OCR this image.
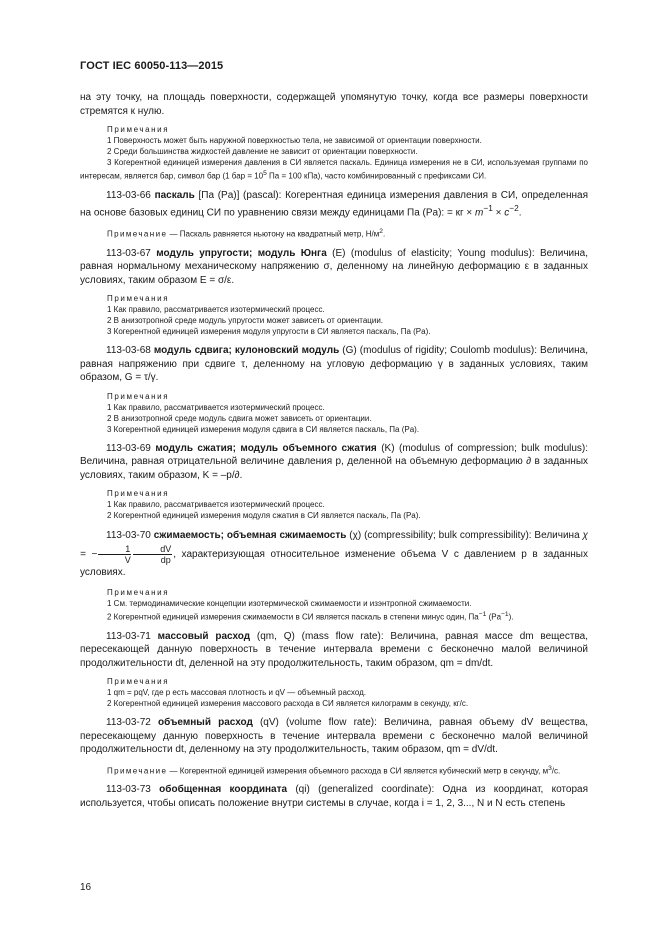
ГОСТ IEC 60050-113—2015

на эту точку, на площадь поверхности, содержащей упомянутую точку, когда все размеры поверхности стремятся к нулю.

Примечания

1 Поверхность может быть наружной поверхностью тела, не зависимой от ориентации поверхности.

2 Среди большинства жидкостей давление не зависит от ориентации поверхности.

3 Когерентной единицей измерения давления в СИ является паскаль. Единица измерения не в СИ, используемая группами по интересам, является бар, символ бар (1 бар = $10^5$ Па = 100 кПа), часто комбинированный с префиксами СИ.

113-03-66 паскаль [Па (Pa)] (pascal): Когерентная единица измерения давления в СИ, определенная на основе базовых единиц СИ по уравнению связи между единицами Па (Pa): = кг × $m^{-1} \times с^{-2}$.

Примечание — Паскаль равняется ньютону на квадратный метр, $Н/м^2$.

113-03-67 модуль упругости; модуль Юнга (E) (modulus of elasticity; Young modulus): Величина, равная нормальному механическому напряжению σ, деленному на линейную деформацию ε в заданных условиях, таким образом E = σ/ε.

Примечания

1 Как правило, рассматривается изотермический процесс.

2 В анизотропной среде модуль упругости может зависеть от ориентации.

3 Когерентной единицей измерения модуля упругости в СИ является паскаль, Па (Pa).

113-03-68 модуль сдвига; кулоновский модуль (G) (modulus of rigidity; Coulomb modulus): Величина, равная напряжению при сдвиге τ, деленному на угловую деформацию γ в заданных условиях, таким образом, G = τ/γ.

Примечания

1 Как правило, рассматривается изотермический процесс.

2 В анизотропной среде модуль сдвига может зависеть от ориентации.

3 Когерентной единицей измерения модуля сдвига в СИ является паскаль, Па (Pa).

113-03-69 модуль сжатия; модуль объемного сжатия (K) (modulus of compression; bulk modulus): Величина, равная отрицательной величине давления p, деленной на объемную деформацию ∂ в заданных условиях, таким образом, K = –p/∂.

Примечания

1 Как правило, рассматривается изотермический процесс.

2 Когерентной единицей измерения модуля сжатия в СИ является паскаль, Па (Pa).

113-03-70 сжимаемость; объемная сжимаемость (χ) (compressibility; bulk compressibility): Величина χ = − $\frac{1}{V} \frac{dV}{dp}$ , характеризующая относительное изменение объема V с давлением p в заданных условиях.

Примечания

1 См. термодинамические концепции изотермической сжимаемости и изэнтропной сжимаемости.

2 Когерентной единицей измерения сжимаемости в СИ является паскаль в степени минус один, $Па^{-1}$ $(Pa^{-1})$.

113-03-71 массовый расход (qm, Q) (mass flow rate): Величина, равная массе dm вещества, пересекающей данную поверхность в течение интервала времени с бесконечно малой величиной продолжительности dt, деленной на эту продолжительность, таким образом, qm = dm/dt.

Примечания

1 qm = pqV, где p есть массовая плотность и qV — объемный расход.

2 Когерентной единицей измерения массового расхода в СИ является килограмм в секунду, кг/с.

113-03-72 объемный расход (qV) (volume flow rate): Величина, равная объему dV вещества, пересекающему данную поверхность в течение интервала времени с бесконечно малой величиной продолжительности dt, деленному на эту продолжительность, таким образом, qm = dV/dt.

Примечание — Когерентной единицей измерения объемного расхода в СИ является кубический метр в секунду, $м^3/с$.

113-03-73 обобщенная координата (qi) (generalized coordinate): Одна из координат, которая используется, чтобы описать положение внутри системы в случае, когда i = 1, 2, 3..., N и N есть степень

16
